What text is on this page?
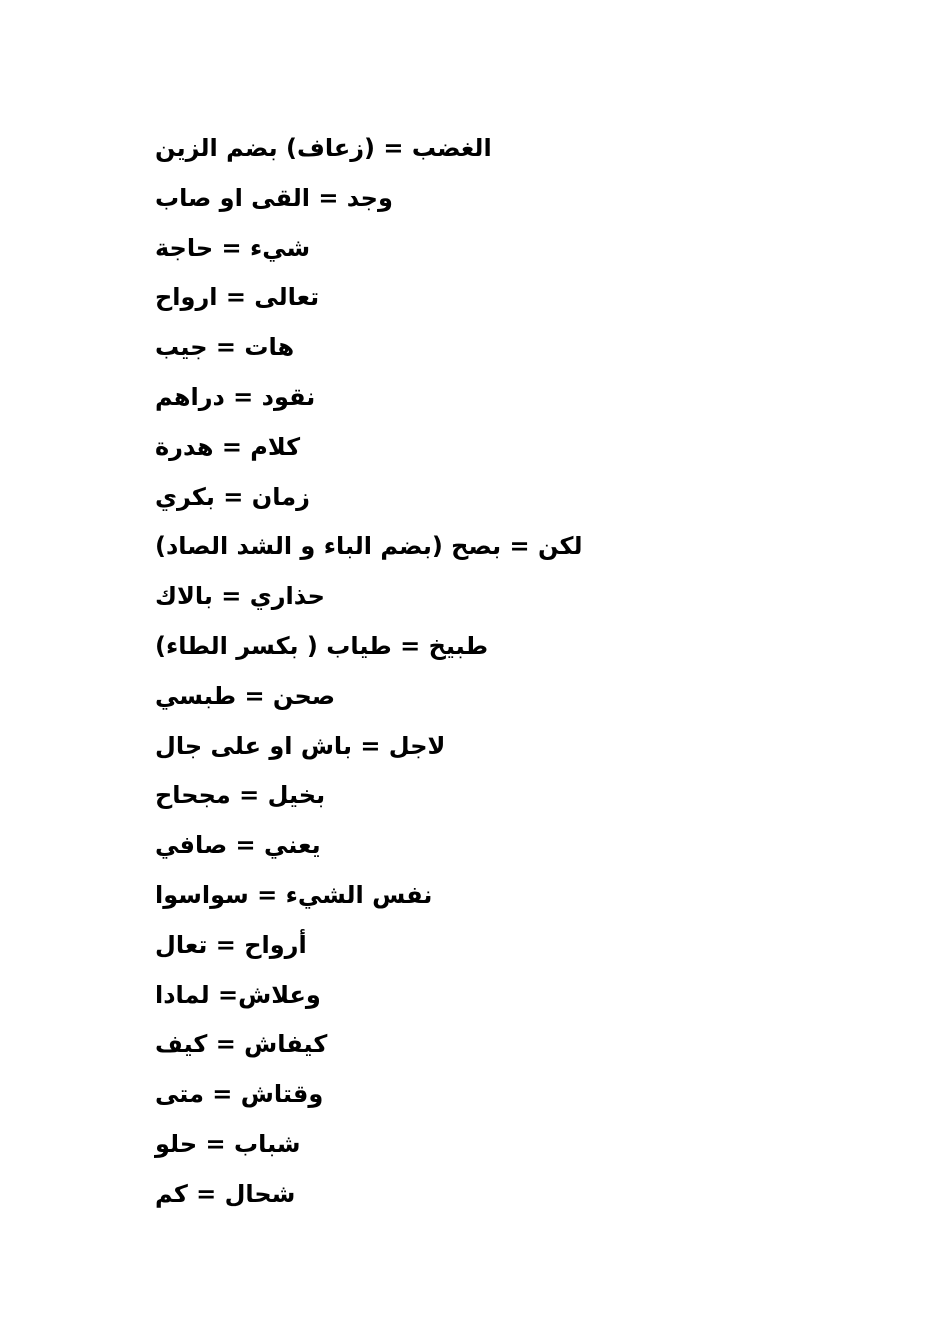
الغضب = (زعاف) بضم الزين
وجد = القى او صاب
شيء = حاجة
تعالى = ارواح
هات = جيب
نقود = دراهم
كلام = هدرة
زمان = بكري
لكن = بصح (بضم الباء و الشد الصاد)
حذاري = بالاك
طبيخ = طياب ( بكسر الطاء)
صحن = طبسي
لاجل = باش او على جال
بخيل = مجحاح
يعني = صافي
نفس الشيء = سواسوا
أرواح = تعال
وعلاش= لمادا
كيفاش = كيف
وقتاش = متى
شباب = حلو
شحال = كم
